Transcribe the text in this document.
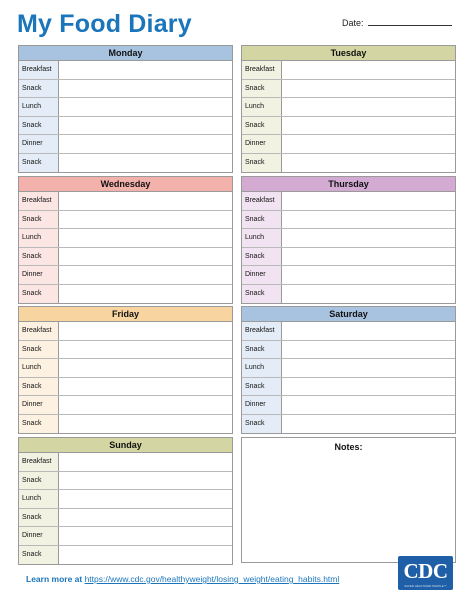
My Food Diary	Date:
Monday
Breakfast
Snack
Lunch
Snack
Dinner
Snack
Tuesday
Breakfast
Snack
Lunch
Snack
Dinner
Snack
Wednesday
Breakfast
Snack
Lunch
Snack
Dinner
Snack
Thursday
Breakfast
Snack
Lunch
Snack
Dinner
Snack
Friday
Breakfast
Snack
Lunch
Snack
Dinner
Snack
Saturday
Breakfast
Snack
Lunch
Snack
Dinner
Snack
Sunday
Breakfast
Snack
Lunch
Snack
Dinner
Snack
Notes:
Learn more at https://www.cdc.gov/healthyweight/losing_weight/eating_habits.html	CDC
SAFER·HEALTHIER·PEOPLE™
